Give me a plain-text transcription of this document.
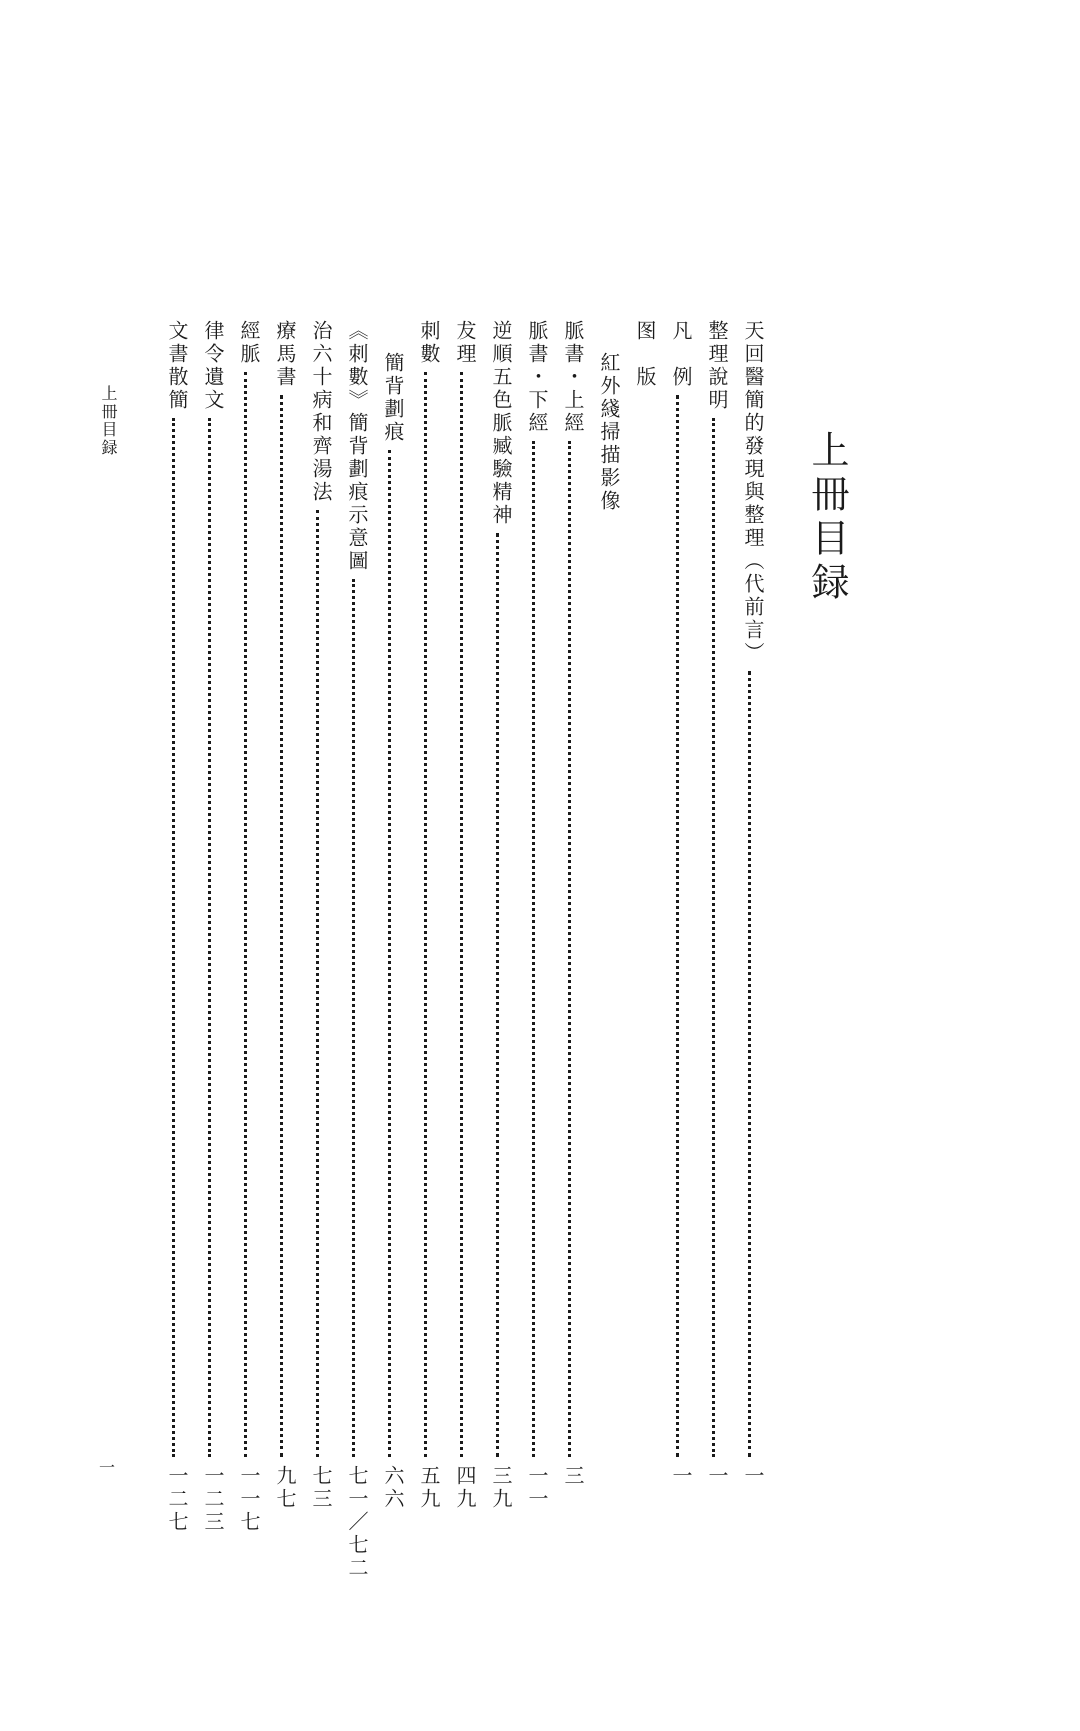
上冊目録
上冊目録
一
天回醫簡的發現與整理（代前言）
一
整理說明
一
凡　例
一
图　版
紅外綫掃描影像
脈書・上經
三
脈書・下經
一一
逆順五色脈臧驗精神
三九
犮理
四九
刺數
五九
簡背劃痕
六六
《刺數》簡背劃痕示意圖
七一／七二
治六十病和齊湯法
七三
療馬書
九七
經脈
一一七
律令遺文
一二三
文書散簡
一二七
